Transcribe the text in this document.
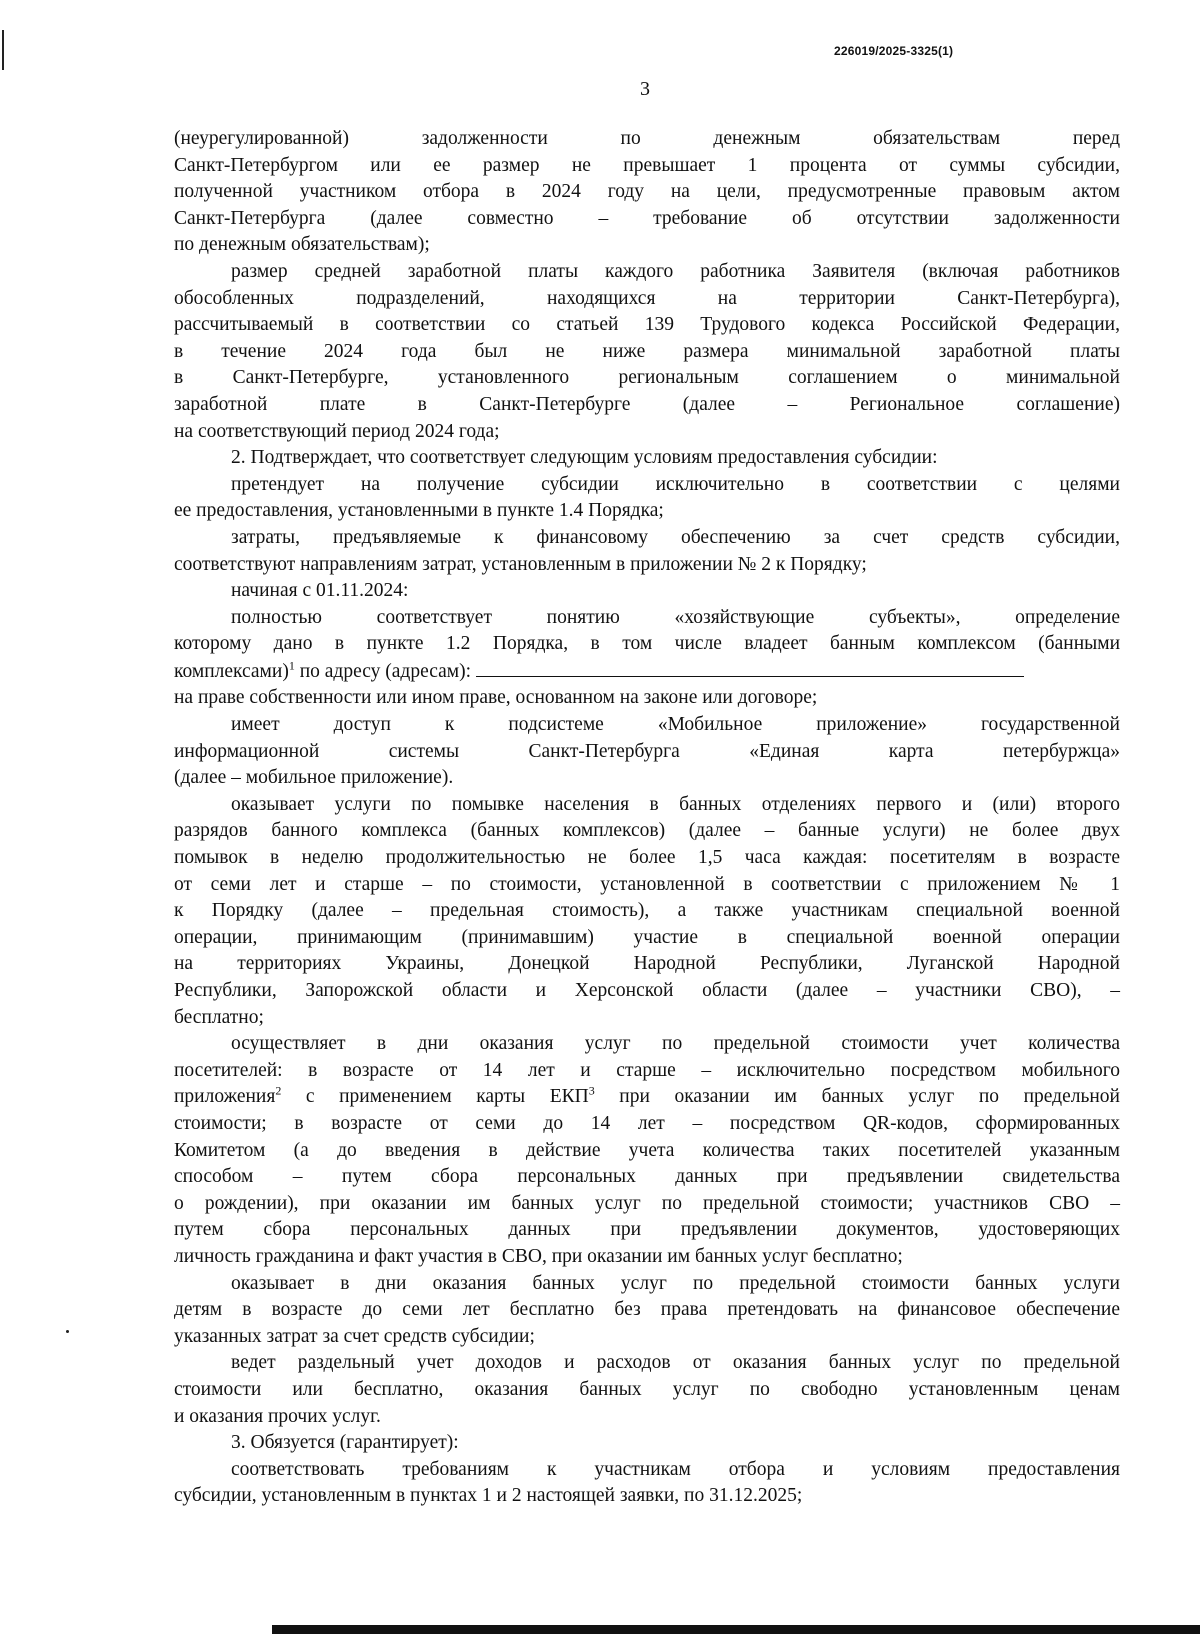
226019/2025-3325(1)
3
(неурегулированной) задолженности по денежным обязательствам перед
Санкт-Петербургом или ее размер не превышает 1 процента от суммы субсидии,
полученной участником отбора в 2024 году на цели, предусмотренные правовым актом
Санкт-Петербурга (далее совместно – требование об отсутствии задолженности
по денежным обязательствам);
размер средней заработной платы каждого работника Заявителя (включая работников
обособленных подразделений, находящихся на территории Санкт-Петербурга),
рассчитываемый в соответствии со статьей 139 Трудового кодекса Российской Федерации,
в течение 2024 года был не ниже размера минимальной заработной платы
в Санкт-Петербурге, установленного региональным соглашением о минимальной
заработной плате в Санкт-Петербурге (далее – Региональное соглашение)
на соответствующий период 2024 года;
2. Подтверждает, что соответствует следующим условиям предоставления субсидии:
претендует на получение субсидии исключительно в соответствии с целями
ее предоставления, установленными в пункте 1.4 Порядка;
затраты, предъявляемые к финансовому обеспечению за счет средств субсидии,
соответствуют направлениям затрат, установленным в приложении № 2 к Порядку;
начиная с 01.11.2024:
полностью соответствует понятию «хозяйствующие субъекты», определение
которому дано в пункте 1.2 Порядка, в том числе владеет банным комплексом (банными
комплексами)$^1$ по адресу (адресам):
на праве собственности или ином праве, основанном на законе или договоре;
имеет доступ к подсистеме «Мобильное приложение» государственной
информационной системы Санкт-Петербурга «Единая карта петербуржца»
(далее – мобильное приложение).
оказывает услуги по помывке населения в банных отделениях первого и (или) второго
разрядов банного комплекса (банных комплексов) (далее – банные услуги) не более двух
помывок в неделю продолжительностью не более 1,5 часа каждая: посетителям в возрасте
от семи лет и старше – по стоимости, установленной в соответствии с приложением № 1
к Порядку (далее – предельная стоимость), а также участникам специальной военной
операции, принимающим (принимавшим) участие в специальной военной операции
на территориях Украины, Донецкой Народной Республики, Луганской Народной
Республики, Запорожской области и Херсонской области (далее – участники СВО), –
бесплатно;
осуществляет в дни оказания услуг по предельной стоимости учет количества
посетителей: в возрасте от 14 лет и старше – исключительно посредством мобильного
приложения$^2$ с применением карты ЕКП$^3$ при оказании им банных услуг по предельной
стоимости; в возрасте от семи до 14 лет – посредством QR-кодов, сформированных
Комитетом (а до введения в действие учета количества таких посетителей указанным
способом – путем сбора персональных данных при предъявлении свидетельства
о рождении), при оказании им банных услуг по предельной стоимости; участников СВО –
путем сбора персональных данных при предъявлении документов, удостоверяющих
личность гражданина и факт участия в СВО, при оказании им банных услуг бесплатно;
оказывает в дни оказания банных услуг по предельной стоимости банных услуги
детям в возрасте до семи лет бесплатно без права претендовать на финансовое обеспечение
указанных затрат за счет средств субсидии;
ведет раздельный учет доходов и расходов от оказания банных услуг по предельной
стоимости или бесплатно, оказания банных услуг по свободно установленным ценам
и оказания прочих услуг.
3. Обязуется (гарантирует):
соответствовать требованиям к участникам отбора и условиям предоставления
субсидии, установленным в пунктах 1 и 2 настоящей заявки, по 31.12.2025;
